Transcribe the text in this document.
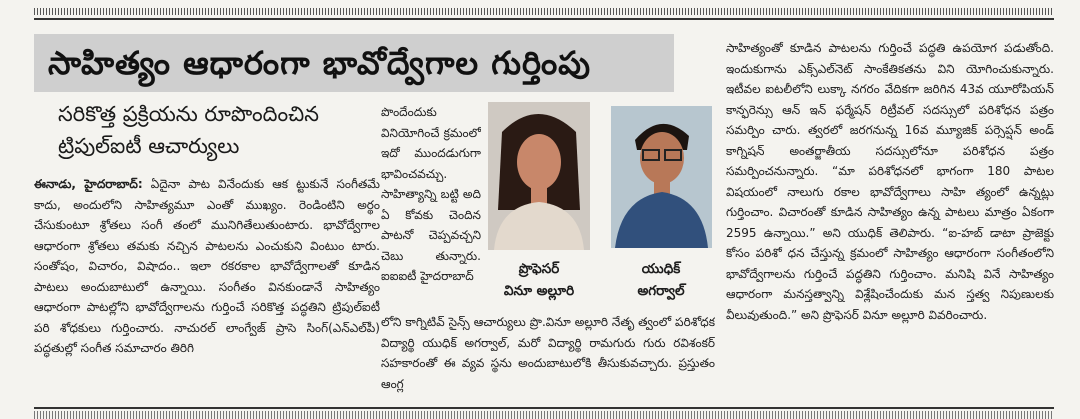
సాహిత్యం ఆధారంగా భావోద్వేగాల గుర్తింపు
సరికొత్త ప్రక్రియను రూపొందించిన ట్రిపుల్‌ఐటీ ఆచార్యులు

ఈనాడు, హైదరాబాద్: ఏదైనా పాట వినేందుకు ఆక ట్టుకునే సంగీతమే కాదు, అందులోని సాహిత్యమూ ఎంతో ముఖ్యం. రెండింటిని అర్థం చేసుకుంటూ శ్రోతలు సంగీ తంలో మునిగితేలుతుంటారు. భావోద్వేగాల ఆధారంగా శ్రోతలు తమకు నచ్చిన పాటలను ఎంచుకుని వింటుం టారు. సంతోషం, విచారం, విషాదం.. ఇలా రకరకాల భావోద్వేగాలతో కూడిన పాటలు అందుబాటులో ఉన్నాయి. సంగీతం వినకుండానే సాహిత్యం ఆధారంగా పాటల్లోని భావోద్వేగాలను గుర్తించే సరికొత్త పద్ధతిని ట్రిపుల్‌ఐటీ పరి శోధకులు గుర్తించారు. నాచురల్ లాంగ్వేజ్ ప్రాసె సింగ్(ఎన్‌ఎల్‌పీ) పద్ధతుల్లో సంగీత సమాచారం తిరిగి

పొందేందుకు వినియోగించే క్రమంలో ఇదో ముందడుగుగా భావించవచ్చు. సాహిత్యాన్ని బట్టి అది ఏ కోవకు చెందిన పాటనో చెప్పవచ్చని చెబు తున్నారు. ఐఐఐటీ హైదరాబాద్

లోని కాగ్నిటివ్ సైన్స్ ఆచార్యులు ప్రొ.వినూ అల్లూరి నేతృ త్వంలో పరిశోధక విద్యార్థి యుధిక్ అగర్వాల్, మరో విద్యార్థి రామగురు గురు రవిశంకర్ సహకారంతో ఈ వ్యవ స్థను అందుబాటులోకి తీసుకువచ్చారు. ప్రస్తుతం ఆంగ్ల

సాహిత్యంతో కూడిన పాటలను గుర్తించే పద్ధతి ఉపయోగ పడుతోంది. ఇందుకుగాను ఎక్స్‌ఎల్‌నెట్ సాంకేతికతను విని యోగించుకున్నారు. ఇటీవల ఐటలీలోని లుక్కా నగరం వేదికగా జరిగిన 43వ యూరోపియన్ కాన్ఫరెన్సు ఆన్ ఇన్ ఫర్మేషన్ రిట్రీవల్ సదస్సులో పరిశోధన పత్రం సమర్పిం చారు. త్వరలో జరగనున్న 16వ మ్యూజిక్ పర్సెప్షన్ అండ్ కాగ్నిషన్ అంతర్జాతీయ సదస్సులోనూ పరిశోధన పత్రం సమర్పించనున్నారు. “మా పరిశోధనలో భాగంగా 180 పాటల విషయంలో నాలుగు రకాల భావోద్వేగాలు సాహి త్యంలో ఉన్నట్లు గుర్తించాం. విచారంతో కూడిన సాహిత్యం ఉన్న పాటలు మాత్రం ఏకంగా 2595 ఉన్నాయి.” అని యుధిక్ తెలిపారు. “ఐ-హబ్ డాటా ప్రాజెక్టు కోసం పరిశో ధన చేస్తున్న క్రమంలో సాహిత్యం ఆధారంగా సంగీతంలోని భావోద్వేగాలను గుర్తించే పద్ధతిని గుర్తించాం. మనిషి వినే సాహిత్యం ఆధారంగా మనస్తత్వాన్ని విశ్లేషించేందుకు మన స్తత్వ నిపుణులకు వీలువుతుంది.” అని ప్రొఫెసర్ వినూ అల్లూరి వివరించారు.

ప్రొఫెసర్
వినూ అల్లూరి
యుధిక్
అగర్వాల్
